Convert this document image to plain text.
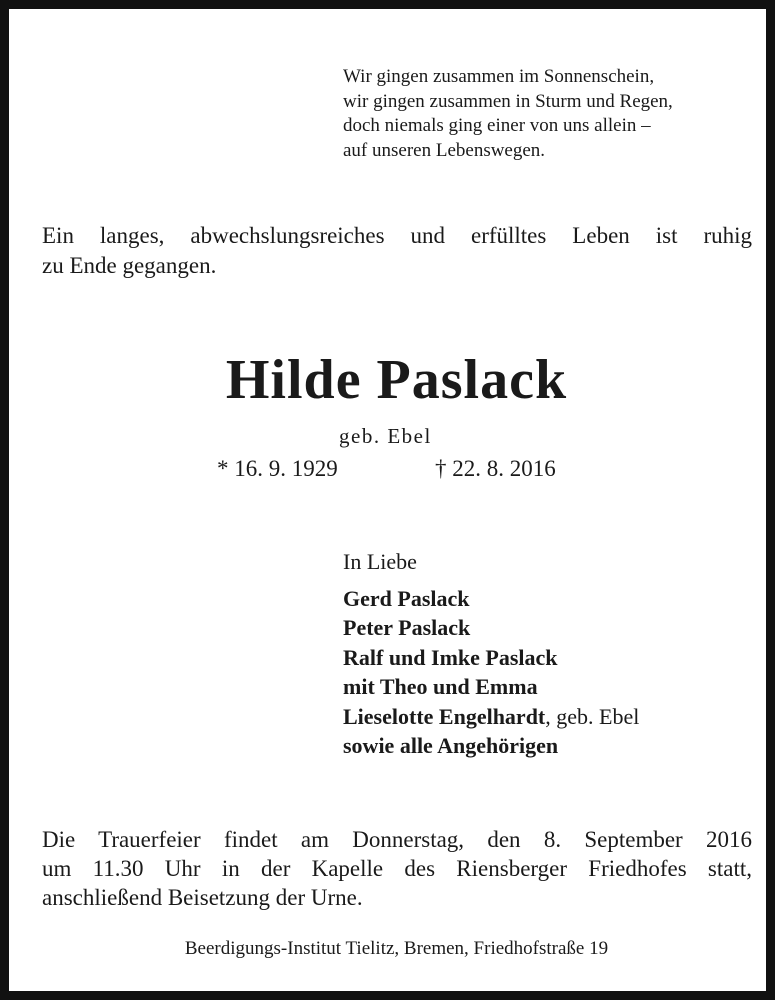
Wir gingen zusammen im Sonnenschein,
wir gingen zusammen in Sturm und Regen,
doch niemals ging einer von uns allein –
auf unseren Lebenswegen.
Ein langes, abwechslungsreiches und erfülltes Leben ist ruhig
zu Ende gegangen.
Hilde Paslack
geb. Ebel
* 16. 9. 1929	† 22. 8. 2016
In Liebe
Gerd Paslack
Peter Paslack
Ralf und Imke Paslack
mit Theo und Emma
Lieselotte Engelhardt, geb. Ebel
sowie alle Angehörigen
Die Trauerfeier findet am Donnerstag, den 8. September 2016
um 11.30 Uhr in der Kapelle des Riensberger Friedhofes statt,
anschließend Beisetzung der Urne.
Beerdigungs-Institut Tielitz, Bremen, Friedhofstraße 19
